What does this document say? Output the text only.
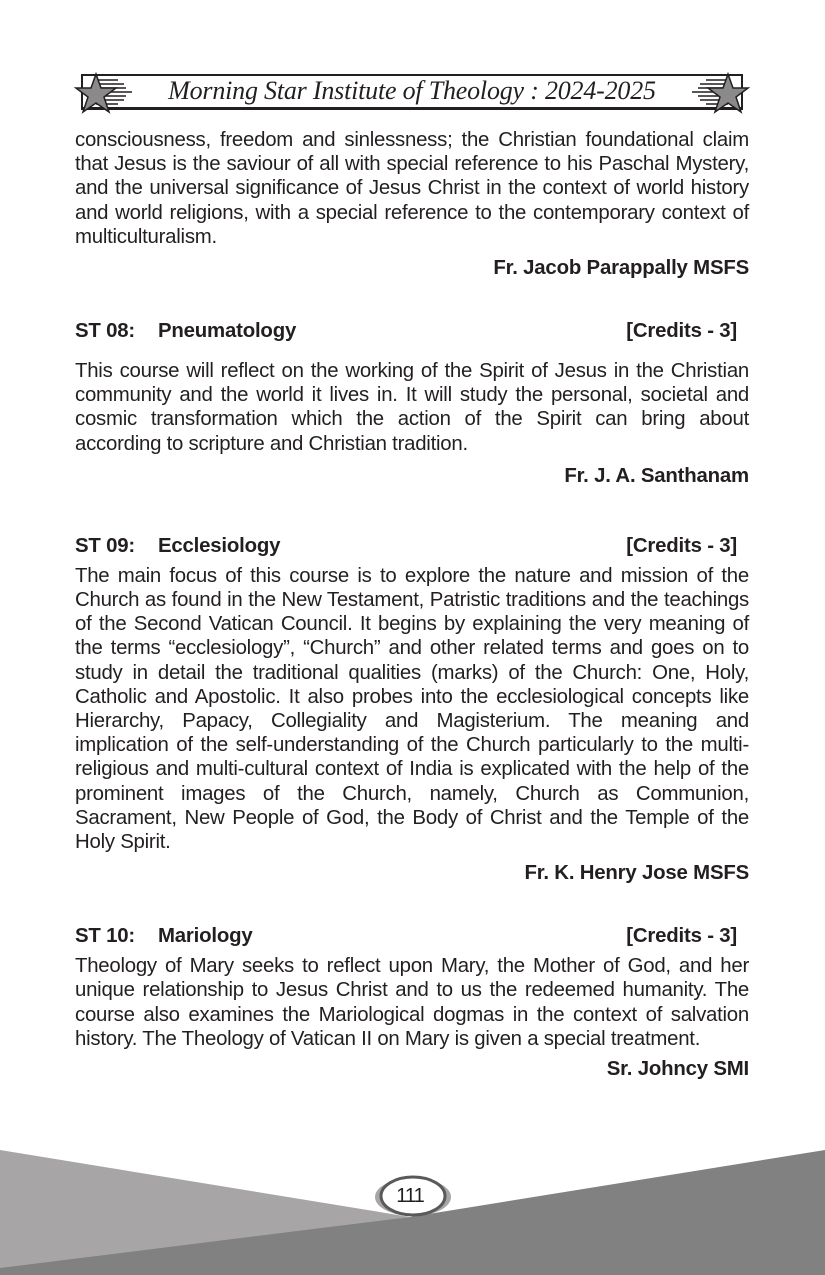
Morning Star Institute of Theology : 2024-2025

consciousness, freedom and sinlessness; the Christian foundational claim that Jesus is the saviour of all with special reference to his Paschal Mystery, and the universal significance of Jesus Christ in the context of world history and world religions, with a special reference to the contemporary context of multiculturalism.

Fr. Jacob Parappally MSFS
ST 08: Pneumatology	[Credits - 3]

This course will reflect on the working of the Spirit of Jesus in the Christian community and the world it lives in. It will study the personal, societal and cosmic transformation which the action of the Spirit can bring about according to scripture and Christian tradition.

Fr. J. A. Santhanam
ST 09: Ecclesiology	[Credits - 3]

The main focus of this course is to explore the nature and mission of the Church as found in the New Testament, Patristic traditions and the teachings of the Second Vatican Council. It begins by explaining the very meaning of the terms “ecclesiology”, “Church” and other related terms and goes on to study in detail the traditional qualities (marks) of the Church: One, Holy, Catholic and Apostolic. It also probes into the ecclesiological concepts like Hierarchy, Papacy, Collegiality and Magisterium. The meaning and implication of the self-understanding of the Church particularly to the multi-religious and multi-cultural context of India is explicated with the help of the prominent images of the Church, namely, Church as Communion, Sacrament, New People of God, the Body of Christ and the Temple of the Holy Spirit.

Fr. K. Henry Jose MSFS
ST 10: Mariology	[Credits - 3]

Theology of Mary seeks to reflect upon Mary, the Mother of God, and her unique relationship to Jesus Christ and to us the redeemed humanity. The course also examines the Mariological dogmas in the context of salvation history. The Theology of Vatican II on Mary is given a special treatment.

Sr. Johncy SMI
111
